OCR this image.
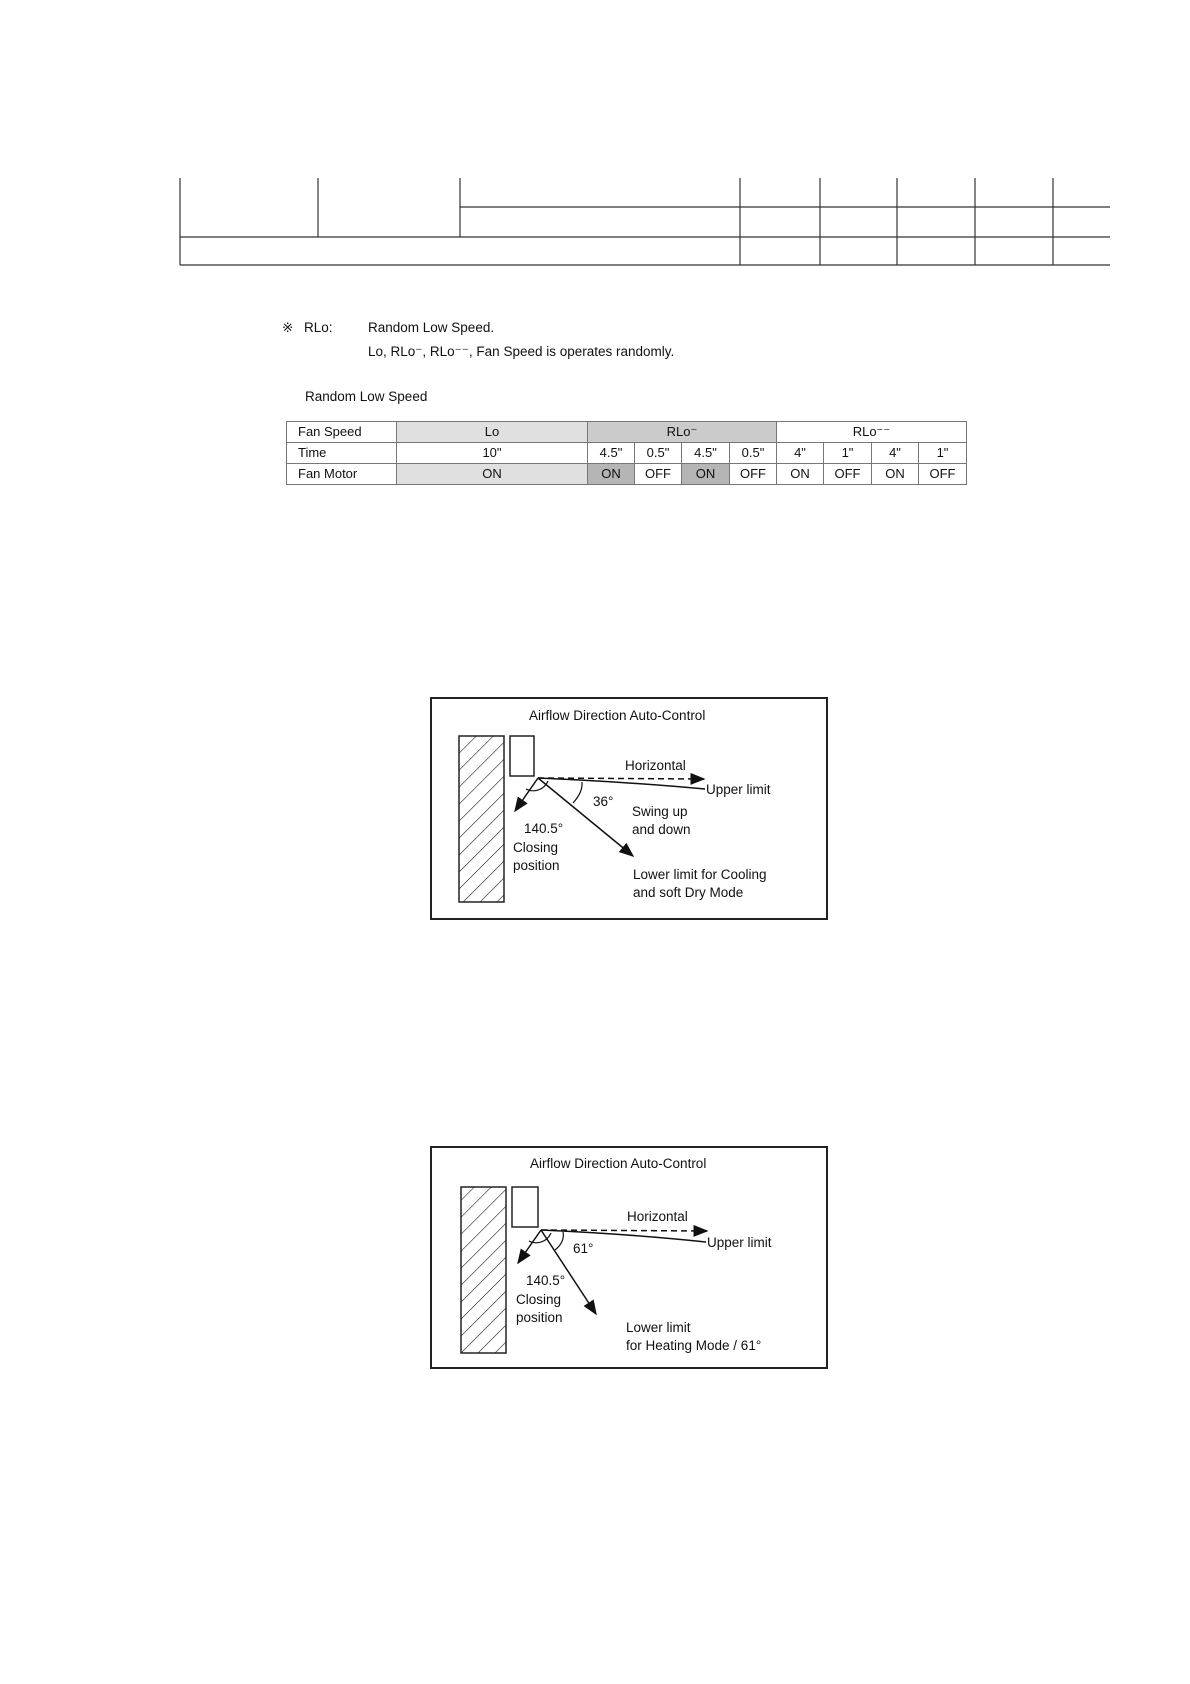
※ RLo:	Random Low Speed.
Lo, RLo⁻, RLo⁻⁻, Fan Speed is operates randomly.
Random Low Speed
Fan Speed	Lo	RLo⁻				RLo⁻⁻			
Time	10"	4.5"	0.5"	4.5"	0.5"	4"	1"	4"	1"
Fan Motor	ON	ON	OFF	ON	OFF	ON	OFF	ON	OFF
Airflow Direction Auto-Control
Horizontal
Upper limit
36°
Swing up
and down
140.5°
Closing
position
Lower limit for Cooling
and soft Dry Mode
Airflow Direction Auto-Control
Horizontal
Upper limit
61°
140.5°
Closing
position
Lower limit
for Heating Mode / 61°
